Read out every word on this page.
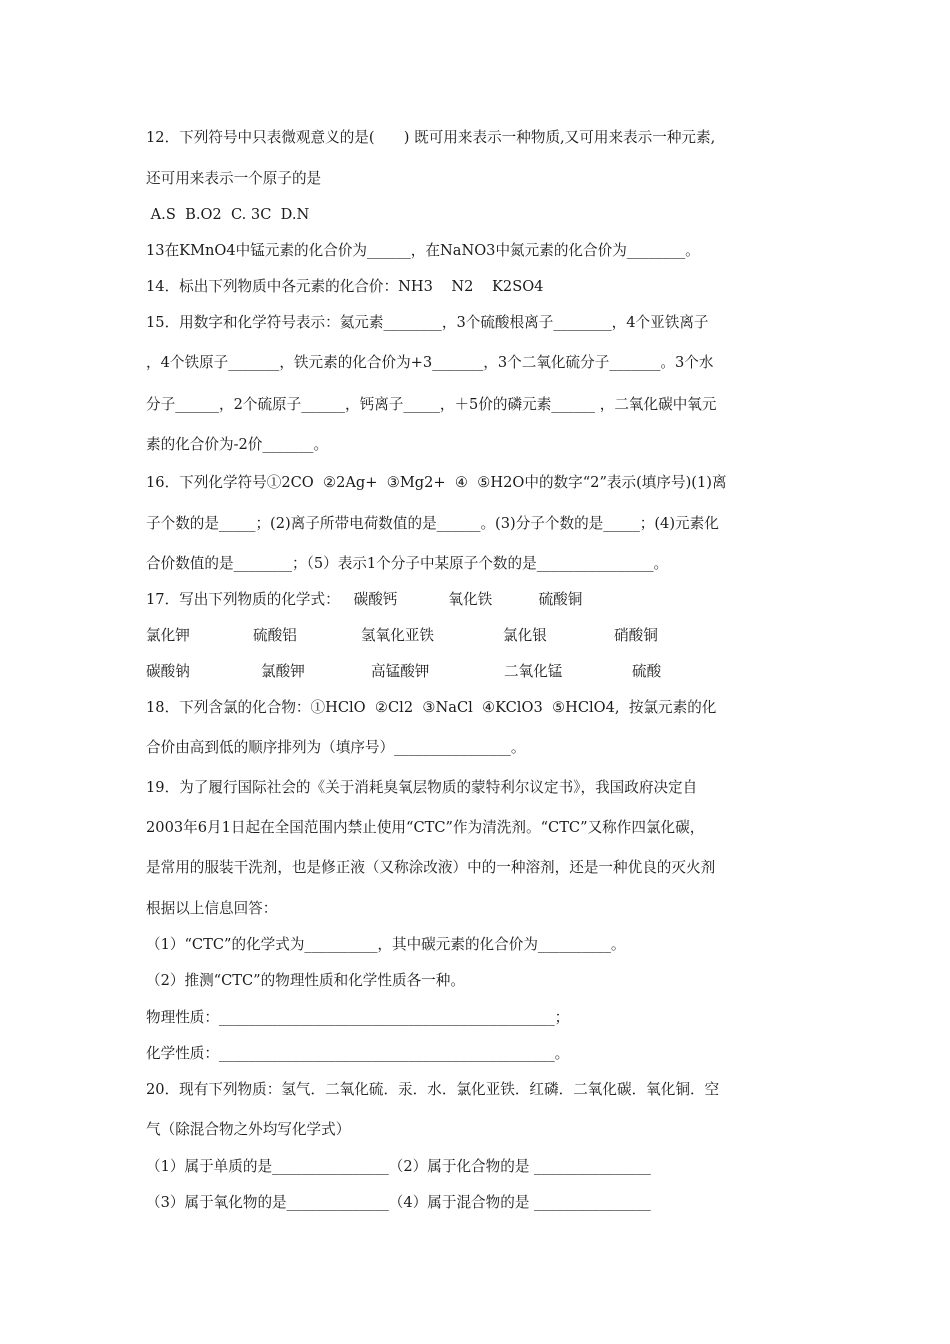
12．下列符号中只表微观意义的是(　　) 既可用来表示一种物质,又可用来表示一种元素,
还可用来表示一个原子的是
A.S  B.O2  C. 3C  D.N
13在KMnO4中锰元素的化合价为______，在NaNO3中氮元素的化合价为________。
14．标出下列物质中各元素的化合价：NH3    N2    K2SO4
15．用数字和化学符号表示：氦元素________，3个硫酸根离子________，4个亚铁离子
，4个铁原子_______，铁元素的化合价为+3_______，3个二氧化硫分子_______。3个水
分子______，2个硫原子______，钙离子_____，＋5价的磷元素______ ，二氧化碳中氧元
素的化合价为-2价_______。
16．下列化学符号①2CO  ②2Ag+  ③Mg2+  ④  ⑤H2O中的数字“2”表示(填序号)(1)离
子个数的是_____；(2)离子所带电荷数值的是______。(3)分子个数的是_____；(4)元素化
合价数值的是________；（5）表示1个分子中某原子个数的是________________。
17．写出下列物质的化学式：   碳酸钙           氧化铁          硫酸铜

氯化钾

	硫酸铝

	氢氧化亚铁

	氯化银

	硝酸铜

碳酸钠

	氯酸钾

	高锰酸钾

	二氧化锰

	硫酸

18．下列含氯的化合物：①HClO  ②Cl2  ③NaCl  ④KClO3  ⑤HClO4,  按氯元素的化
合价由高到低的顺序排列为（填序号）________________。
19．为了履行国际社会的《关于消耗臭氧层物质的蒙特利尔议定书》，我国政府决定自
2003年6月1日起在全国范围内禁止使用“CTC”作为清洗剂。“CTC”又称作四氯化碳，
是常用的服装干洗剂，也是修正液（又称涂改液）中的一种溶剂，还是一种优良的灭火剂
根据以上信息回答：
（1）“CTC”的化学式为__________，其中碳元素的化合价为__________。
（2）推测“CTC”的物理性质和化学性质各一种。
物理性质：______________________________________________；
化学性质：______________________________________________。
20．现有下列物质：氢气．二氧化硫．汞．水．氯化亚铁．红磷．二氧化碳．氧化铜．空
气（除混合物之外均写化学式）
（1）属于单质的是________________（2）属于化合物的是 ________________
（3）属于氧化物的是______________（4）属于混合物的是 ________________
